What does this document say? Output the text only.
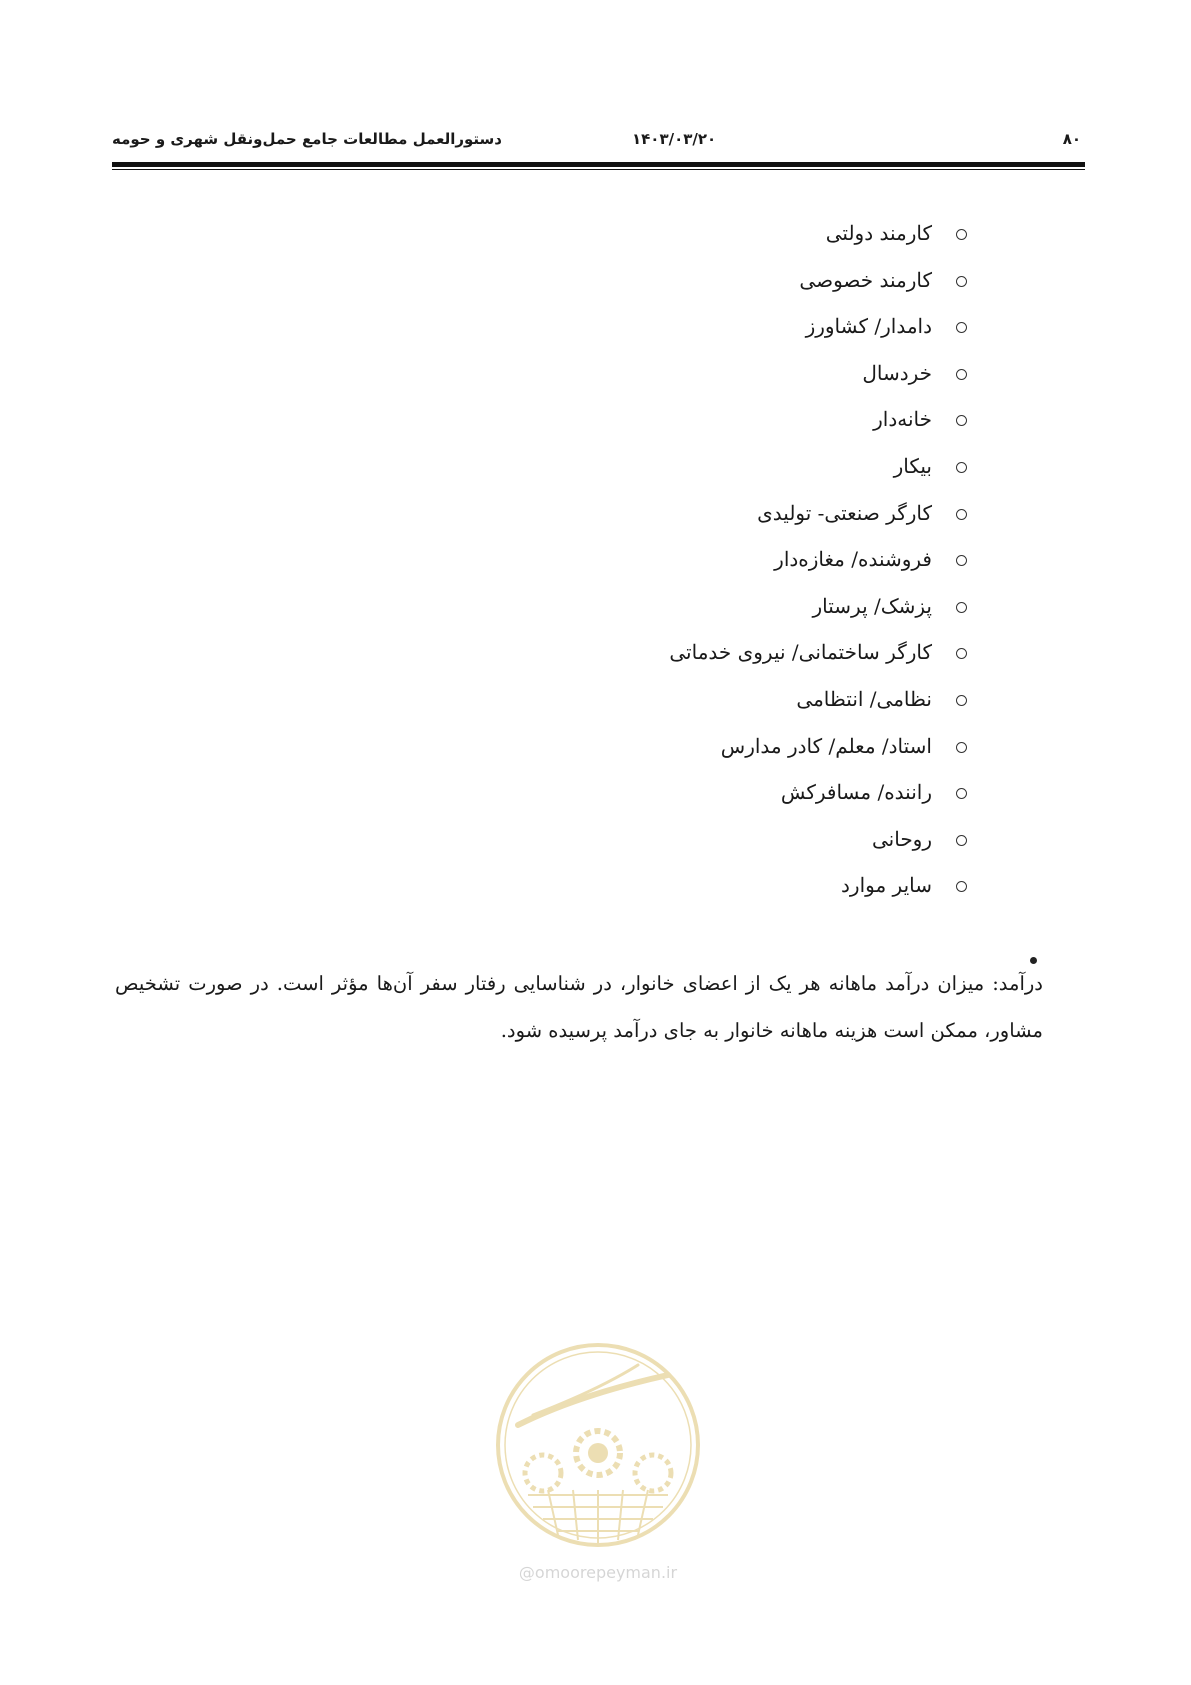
دستورالعمل مطالعات جامع حمل‌ونقل شهری و حومه	۱۴۰۳/۰۳/۲۰	۸۰
کارمند دولتی
کارمند خصوصی
دامدار/ کشاورز
خردسال
خانه‌دار
بیکار
کارگر صنعتی- تولیدی
فروشنده/ مغازه‌دار
پزشک/ پرستار
کارگر ساختمانی/ نیروی خدماتی
نظامی/ انتظامی
استاد/ معلم/ کادر مدارس
راننده/ مسافرکش
روحانی
سایر موارد

درآمد: میزان درآمد ماهانه هر یک از اعضای خانوار، در شناسایی رفتار سفر آن‌ها مؤثر است. در صورت تشخیص مشاور، ممکن است هزینه ماهانه خانوار به جای درآمد پرسیده شود.

@omoorepeyman.ir
